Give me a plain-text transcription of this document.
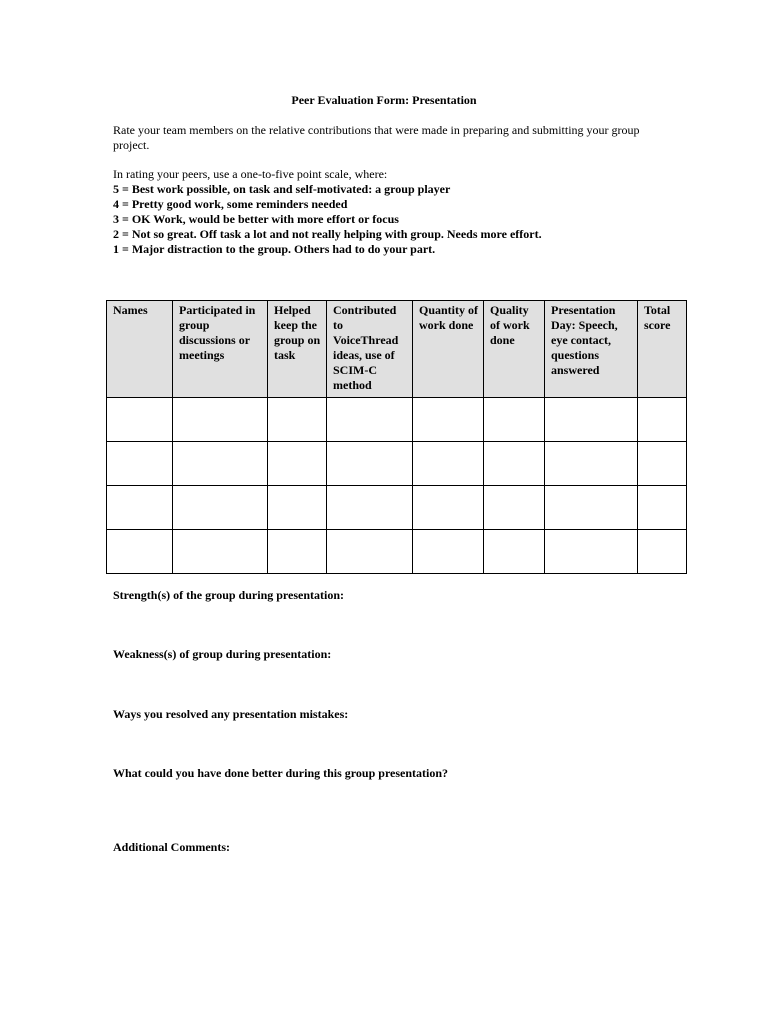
Peer Evaluation Form: Presentation

Rate your team members on the relative contributions that were made in preparing and submitting your group project.

In rating your peers, use a one-to-five point scale, where:

5 = Best work possible, on task and self-motivated: a group player
4 = Pretty good work, some reminders needed
3 = OK Work, would be better with more effort or focus
2 = Not so great. Off task a lot and not really helping with group. Needs more effort.
1 = Major distraction to the group. Others had to do your part.
Names	Participated in group discussions or meetings	Helped keep the group on task	Contributed to VoiceThread ideas, use of SCIM-C method	Quantity of work done	Quality of work done	Presentation Day: Speech, eye contact, questions answered	Total score

Strength(s) of the group during presentation:

Weakness(s) of group during presentation:

Ways you resolved any presentation mistakes:

What could you have done better during this group presentation?

Additional Comments:
